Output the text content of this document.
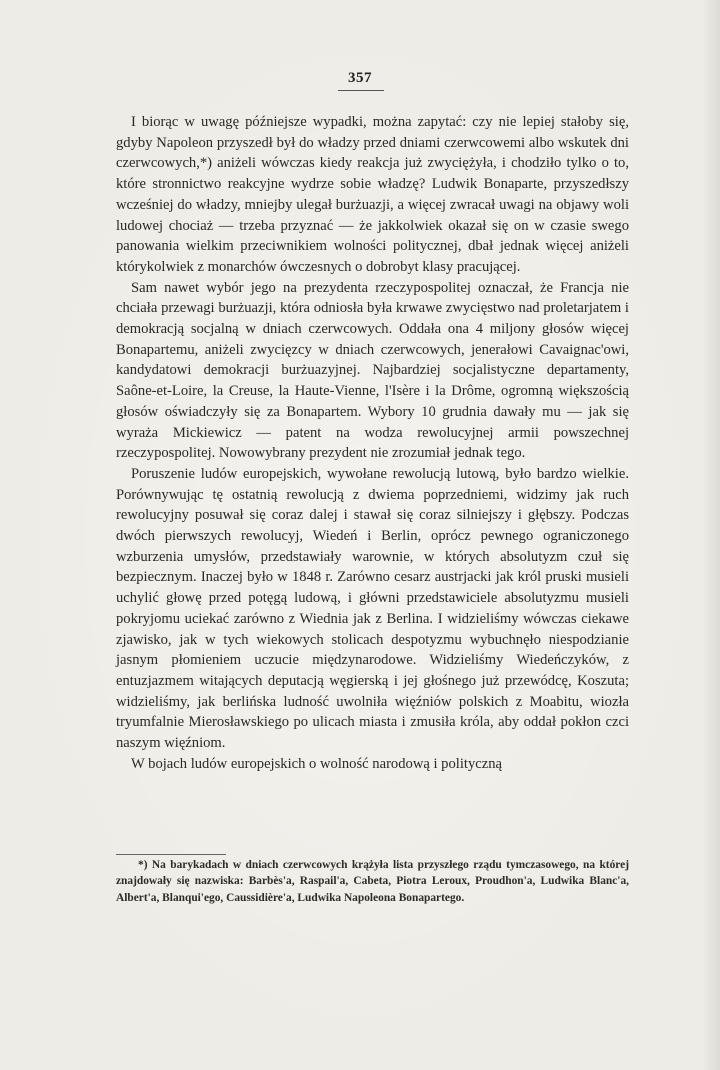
357

I biorąc w uwagę późniejsze wypadki, można zapytać: czy nie lepiej stałoby się, gdyby Napoleon przyszedł był do władzy przed dniami czerwcowemi albo wskutek dni czerwcowych,*) aniżeli wówczas kiedy reakcja już zwyciężyła, i chodziło tylko o to, które stronnictwo reakcyjne wydrze sobie władzę? Ludwik Bonaparte, przyszedłszy wcześniej do władzy, mniejby ulegał burżuazji, a więcej zwracał uwagi na objawy woli ludowej chociaż — trzeba przyznać — że jakkolwiek okazał się on w czasie swego panowania wielkim przeciwnikiem wolności politycznej, dbał jednak więcej aniżeli którykolwiek z monarchów ówczesnych o dobrobyt klasy pracującej.

Sam nawet wybór jego na prezydenta rzeczypospolitej oznaczał, że Francja nie chciała przewagi burżuazji, która odniosła była krwawe zwycięstwo nad proletarjatem i demokracją socjalną w dniach czerwcowych. Oddała ona 4 miljony głosów więcej Bonapartemu, aniżeli zwycięzcy w dniach czerwcowych, jenerałowi Cavaignac'owi, kandydatowi demokracji burżuazyjnej. Najbardziej socjalistyczne departamenty, Saône-et-Loire, la Creuse, la Haute-Vienne, l'Isère i la Drôme, ogromną większością głosów oświadczyły się za Bonapartem. Wybory 10 grudnia dawały mu — jak się wyraża Mickiewicz — patent na wodza rewolucyjnej armii powszechnej rzeczypospolitej. Nowowybrany prezydent nie zrozumiał jednak tego.

Poruszenie ludów europejskich, wywołane rewolucją lutową, było bardzo wielkie. Porównywując tę ostatnią rewolucją z dwiema poprzedniemi, widzimy jak ruch rewolucyjny posuwał się coraz dalej i stawał się coraz silniejszy i głębszy. Podczas dwóch pierwszych rewolucyj, Wiedeń i Berlin, oprócz pewnego ograniczonego wzburzenia umysłów, przedstawiały warownie, w których absolutyzm czuł się bezpiecznym. Inaczej było w 1848 r. Zarówno cesarz austrjacki jak król pruski musieli uchylić głowę przed potęgą ludową, i główni przedstawiciele absolutyzmu musieli pokryjomu uciekać zarówno z Wiednia jak z Berlina. I widzieliśmy wówczas ciekawe zjawisko, jak w tych wiekowych stolicach despotyzmu wybuchnęło niespodzianie jasnym płomieniem uczucie międzynarodowe. Widzieliśmy Wiedeńczyków, z entuzjazmem witających deputacją węgierską i jej głośnego już przewódcę, Koszuta; widzieliśmy, jak berlińska ludność uwolniła więźniów polskich z Moabitu, wiozła tryumfalnie Mierosławskiego po ulicach miasta i zmusiła króla, aby oddał pokłon czci naszym więźniom.

W bojach ludów europejskich o wolność narodową i polityczną

*) Na barykadach w dniach czerwcowych krążyła lista przyszłego rządu tymczasowego, na której znajdowały się nazwiska: Barbès'a, Raspail'a, Cabeta, Piotra Leroux, Proudhon'a, Ludwika Blanc'a, Albert'a, Blanqui'ego, Caussidière'a, Ludwika Napoleona Bonapartego.
